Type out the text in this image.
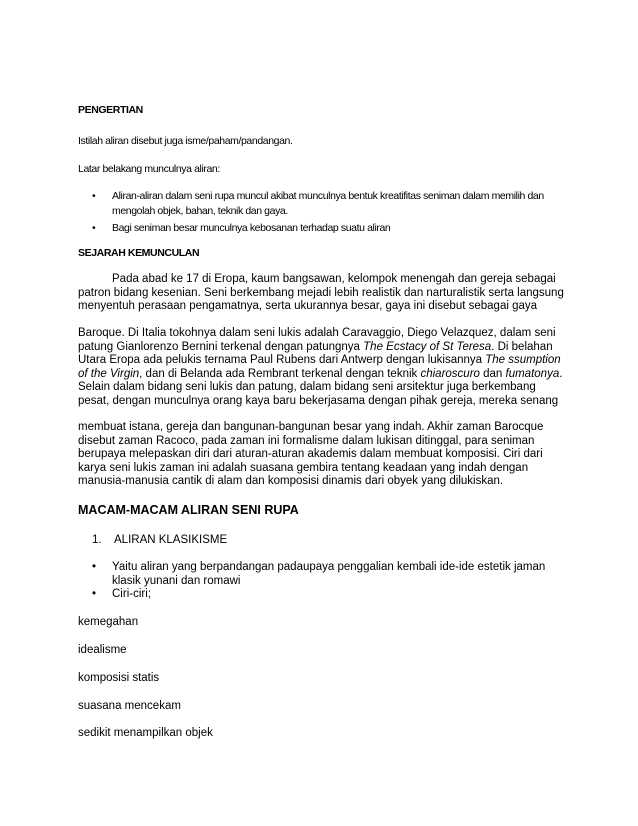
PENGERTIAN

Istilah aliran disebut juga isme/paham/pandangan.

Latar belakang munculnya aliran:

• Aliran-aliran dalam seni rupa muncul akibat munculnya bentuk kreatifitas seniman dalam memilih dan mengolah objek, bahan, teknik dan gaya.
• Bagi seniman besar munculnya kebosanan terhadap suatu aliran

SEJARAH KEMUNCULAN

Pada abad ke 17 di Eropa, kaum bangsawan, kelompok menengah dan gereja sebagai patron bidang kesenian. Seni berkembang mejadi lebih realistik dan narturalistik serta langsung menyentuh perasaan pengamatnya, serta ukurannya besar, gaya ini disebut sebagai gaya

Baroque. Di Italia tokohnya dalam seni lukis adalah Caravaggio, Diego Velazquez, dalam seni patung Gianlorenzo Bernini terkenal dengan patungnya The Ecstacy of St Teresa. Di belahan Utara Eropa ada pelukis ternama Paul Rubens dari Antwerp dengan lukisannya The ssumption of the Virgin, dan di Belanda ada Rembrant terkenal dengan teknik chiaroscuro dan fumatonya. Selain dalam bidang seni lukis dan patung, dalam bidang seni arsitektur juga berkembang pesat, dengan munculnya orang kaya baru bekerjasama dengan pihak gereja, mereka senang

membuat istana, gereja dan bangunan-bangunan besar yang indah. Akhir zaman Barocque disebut zaman Racoco, pada zaman ini formalisme dalam lukisan ditinggal, para seniman berupaya melepaskan diri dari aturan-aturan akademis dalam membuat komposisi. Ciri dari karya seni lukis zaman ini adalah suasana gembira tentang keadaan yang indah dengan manusia-manusia cantik di alam dan komposisi dinamis dari obyek yang dilukiskan.

MACAM-MACAM ALIRAN SENI RUPA

1. ALIRAN KLASIKISME

• Yaitu aliran yang berpandangan padaupaya penggalian kembali ide-ide estetik jaman klasik yunani dan romawi
• Ciri-ciri;

kemegahan

idealisme

komposisi statis

suasana mencekam

sedikit menampilkan objek
